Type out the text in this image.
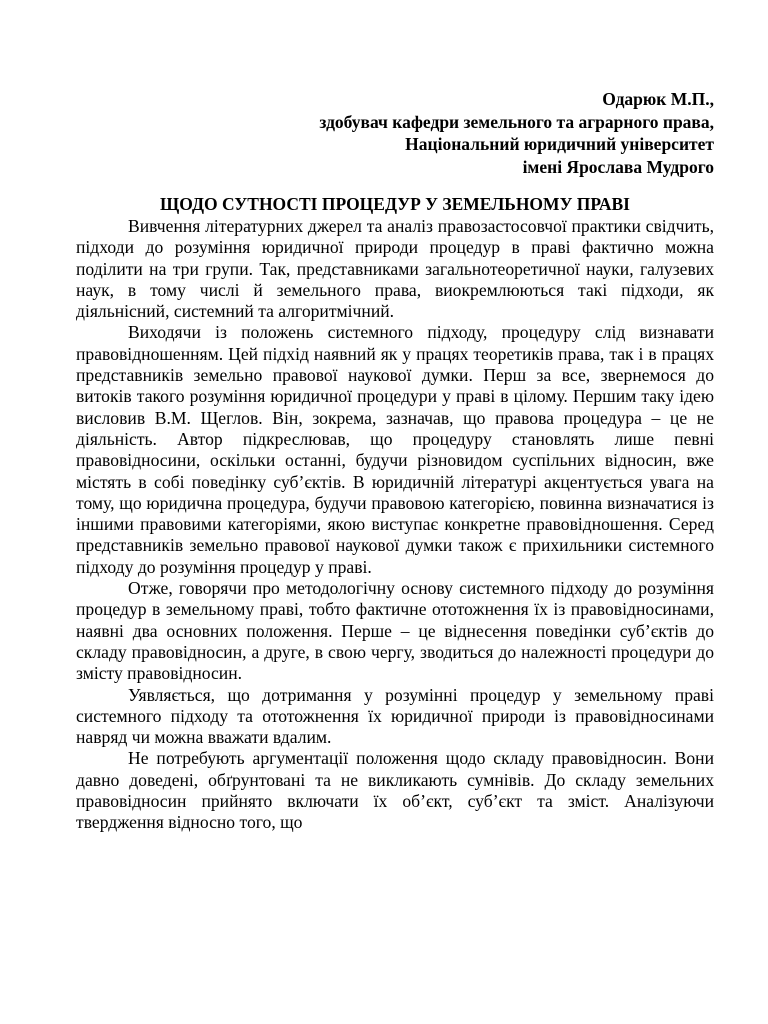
Одарюк М.П.,
здобувач кафедри земельного та аграрного права,
Національний юридичний університет
імені Ярослава Мудрого
ЩОДО СУТНОСТІ ПРОЦЕДУР У ЗЕМЕЛЬНОМУ ПРАВІ

Вивчення літературних джерел та аналіз правозастосовчої практики свідчить, підходи до розуміння юридичної природи процедур в праві фактично можна поділити на три групи. Так, представниками загальнотеоретичної науки, галузевих наук, в тому числі й земельного права, виокремлюються такі підходи, як діяльнісний, системний та алгоритмічний.

Виходячи із положень системного підходу, процедуру слід визнавати правовідношенням. Цей підхід наявний як у працях теоретиків права, так і в працях представників земельно правової наукової думки. Перш за все, звернемося до витоків такого розуміння юридичної процедури у праві в цілому. Першим таку ідею висловив В.М. Щеглов. Він, зокрема, зазначав, що правова процедура – це не діяльність. Автор підкреслював, що процедуру становлять лише певні правовідносини, оскільки останні, будучи різновидом суспільних відносин, вже містять в собі поведінку суб’єктів. В юридичній літературі акцентується увага на тому, що юридична процедура, будучи правовою категорією, повинна визначатися із іншими правовими категоріями, якою виступає конкретне правовідношення. Серед представників земельно правової наукової думки також є прихильники системного підходу до розуміння процедур у праві.

Отже, говорячи про методологічну основу системного підходу до розуміння процедур в земельному праві, тобто фактичне ототожнення їх із правовідносинами, наявні два основних положення. Перше – це віднесення поведінки суб’єктів до складу правовідносин, а друге, в свою чергу, зводиться до належності процедури до змісту правовідносин.

Уявляється, що дотримання у розумінні процедур у земельному праві системного підходу та ототожнення їх юридичної природи із правовідносинами навряд чи можна вважати вдалим.

Не потребують аргументації положення щодо складу правовідносин. Вони давно доведені, обґрунтовані та не викликають сумнівів. До складу земельних правовідносин прийнято включати їх об’єкт, суб’єкт та зміст. Аналізуючи твердження відносно того, що
